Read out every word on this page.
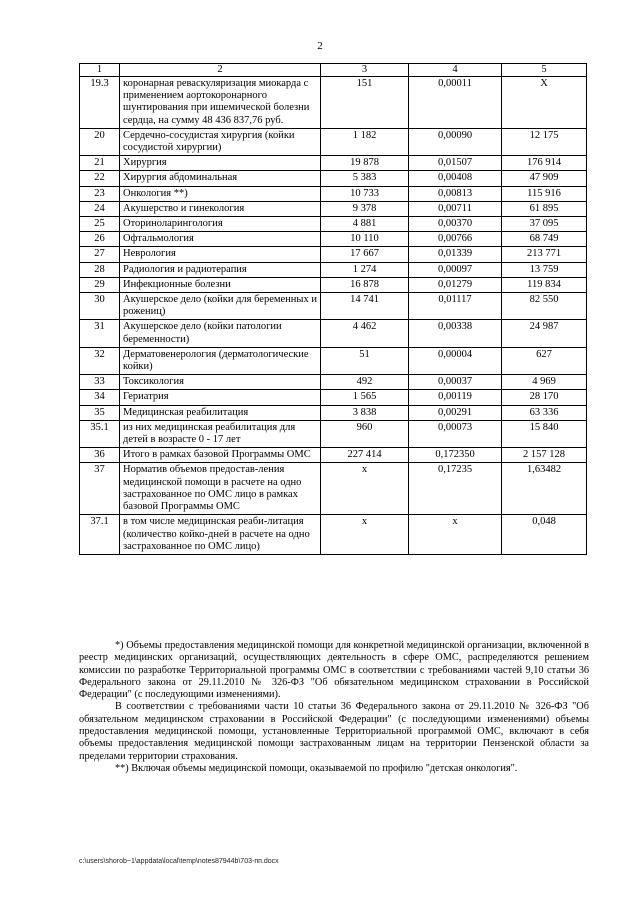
2
1	2	3	4	5
19.3	коронарная реваскуляризация миокарда с применением аортокоронарного шунтирования при ишемической болезни сердца, на сумму 48 436 837,76 руб.	151	0,00011	Х
20	Сердечно-сосудистая хирургия (койки сосудистой хирургии)	1 182	0,00090	12 175
21	Хирургия	19 878	0,01507	176 914
22	Хирургия абдоминальная	5 383	0,00408	47 909
23	Онкология **)	10 733	0,00813	115 916
24	Акушерство и гинекология	9 378	0,00711	61 895
25	Оториноларингология	4 881	0,00370	37 095
26	Офтальмология	10 110	0,00766	68 749
27	Неврология	17 667	0,01339	213 771
28	Радиология и радиотерапия	1 274	0,00097	13 759
29	Инфекционные болезни	16 878	0,01279	119 834
30	Акушерское дело (койки для беременных и рожениц)	14 741	0,01117	82 550
31	Акушерское дело (койки патологии беременности)	4 462	0,00338	24 987
32	Дерматовенерология (дерматологические койки)	51	0,00004	627
33	Токсикология	492	0,00037	4 969
34	Гериатрия	1 565	0,00119	28 170
35	Медицинская реабилитация	3 838	0,00291	63 336
35.1	из них медицинская реабилитация для детей в возрасте 0 - 17 лет	960	0,00073	15 840
36	Итого в рамках базовой Программы ОМС	227 414	0,172350	2 157 128
37	Норматив объемов предостав-ления медицинской помощи в расчете на одно застрахованное по ОМС лицо в рамках базовой Программы ОМС	х	0,17235	1,63482
37.1	в том числе медицинская реаби-литация (количество койко-дней в расчете на одно застрахованное по ОМС лицо)	х	х	0,048

*) Объемы предоставления медицинской помощи для конкретной медицинской организации, включенной в реестр медицинских организаций, осуществляющих деятельность в сфере ОМС, распределяются решением комиссии по разработке Территориальной программы ОМС в соответствии с требованиями частей 9,10 статьи 36 Федерального закона от 29.11.2010 № 326-ФЗ "Об обязательном медицинском страховании в Российской Федерации" (с последующими изменениями).

В соответствии с требованиями части 10 статьи 36 Федерального закона от 29.11.2010 № 326-ФЗ "Об обязательном медицинском страховании в Российской Федерации" (с последующими изменениями) объемы предоставления медицинской помощи, установленные Территориальной программой ОМС, включают в себя объемы предоставления медицинской помощи застрахованным лицам на территории Пензенской области за пределами территории страхования.

**) Включая объемы медицинской помощи, оказываемой по профилю "детская онкология".

c:\users\shorob~1\appdata\local\temp\notes87944b\703-пп.docx
